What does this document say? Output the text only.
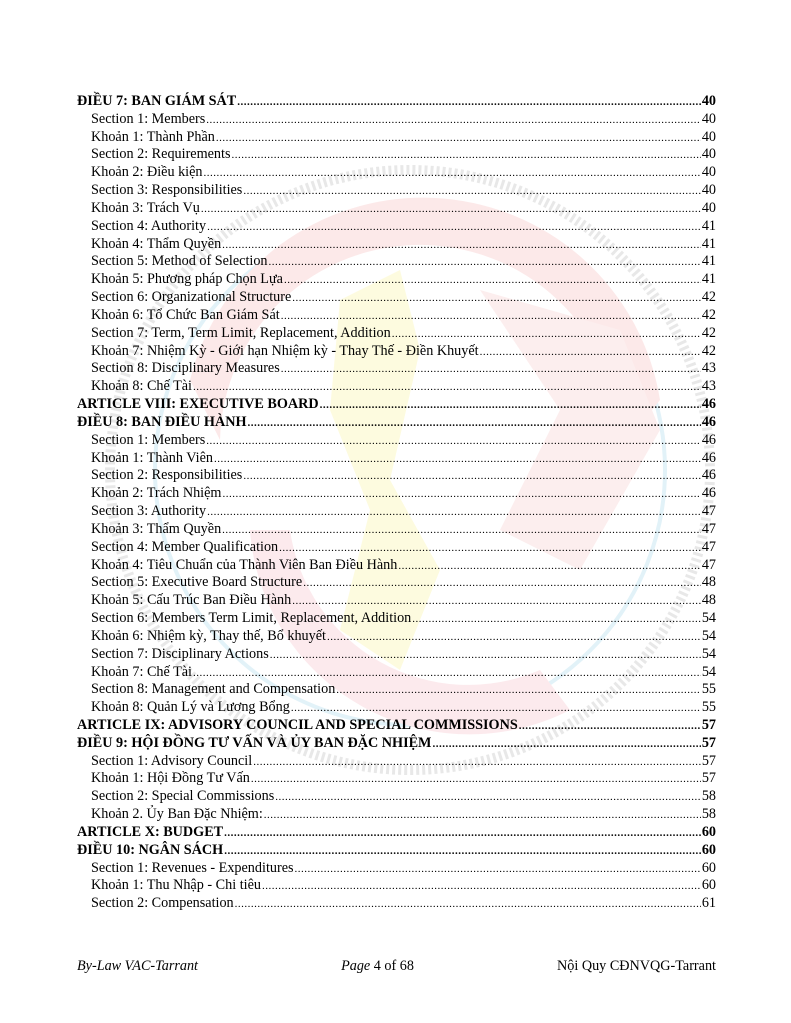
ĐIỀU 7: BAN GIÁM SÁT .....	40
Section 1: Members .....	40
Khoản 1: Thành Phần .....	40
Section 2: Requirements .....	40
Khoản 2: Điều kiện .....	40
Section 3: Responsibilities .....	40
Khoản 3: Trách Vụ .....	40
Section 4: Authority .....	41
Khoản 4: Thẩm Quyền .....	41
Section 5: Method of Selection .....	41
Khoản 5: Phương pháp Chọn Lựa .....	41
Section 6: Organizational Structure .....	42
Khoản 6: Tổ Chức Ban Giám Sát .....	42
Section 7: Term, Term Limit, Replacement, Addition .....	42
Khoản 7: Nhiệm Kỳ - Giới hạn Nhiệm kỳ - Thay Thế - Điền Khuyết .....	42
Section 8: Disciplinary Measures .....	43
Khoản 8: Chế Tài .....	43
ARTICLE VIII: EXECUTIVE BOARD .....	46
ĐIỀU 8: BAN ĐIỀU HÀNH .....	46
Section 1: Members .....	46
Khoản 1: Thành Viên .....	46
Section 2: Responsibilities .....	46
Khoản 2: Trách Nhiệm .....	46
Section 3: Authority .....	47
Khoản 3: Thẩm Quyền .....	47
Section 4: Member Qualification .....	47
Khoản 4: Tiêu Chuẩn của Thành Viên Ban Điều Hành .....	47
Section 5: Executive Board Structure .....	48
Khoản 5: Cấu Trúc Ban Điều Hành .....	48
Section 6: Members Term Limit, Replacement, Addition .....	54
Khoản 6: Nhiệm kỳ, Thay thế, Bổ khuyết .....	54
Section 7: Disciplinary Actions .....	54
Khoản 7: Chế Tài .....	54
Section 8: Management and Compensation .....	55
Khoản 8: Quản Lý và Lương Bổng .....	55
ARTICLE IX: ADVISORY COUNCIL AND SPECIAL COMMISSIONS .....	57
ĐIỀU 9: HỘI ĐỒNG TƯ VẤN VÀ ỦY BAN ĐẶC NHIỆM .....	57
Section 1: Advisory Council .....	57
Khoản 1: Hội Đồng Tư Vấn .....	57
Section 2: Special Commissions .....	58
Khoản 2. Ủy Ban Đặc Nhiệm: .....	58
ARTICLE X: BUDGET .....	60
ĐIỀU 10: NGÂN SÁCH .....	60
Section 1: Revenues - Expenditures .....	60
Khoản 1: Thu Nhập - Chi tiêu .....	60
Section 2: Compensation .....	61
By-Law VAC-Tarrant	Page 4 of 68	Nội Quy CĐNVQG-Tarrant
